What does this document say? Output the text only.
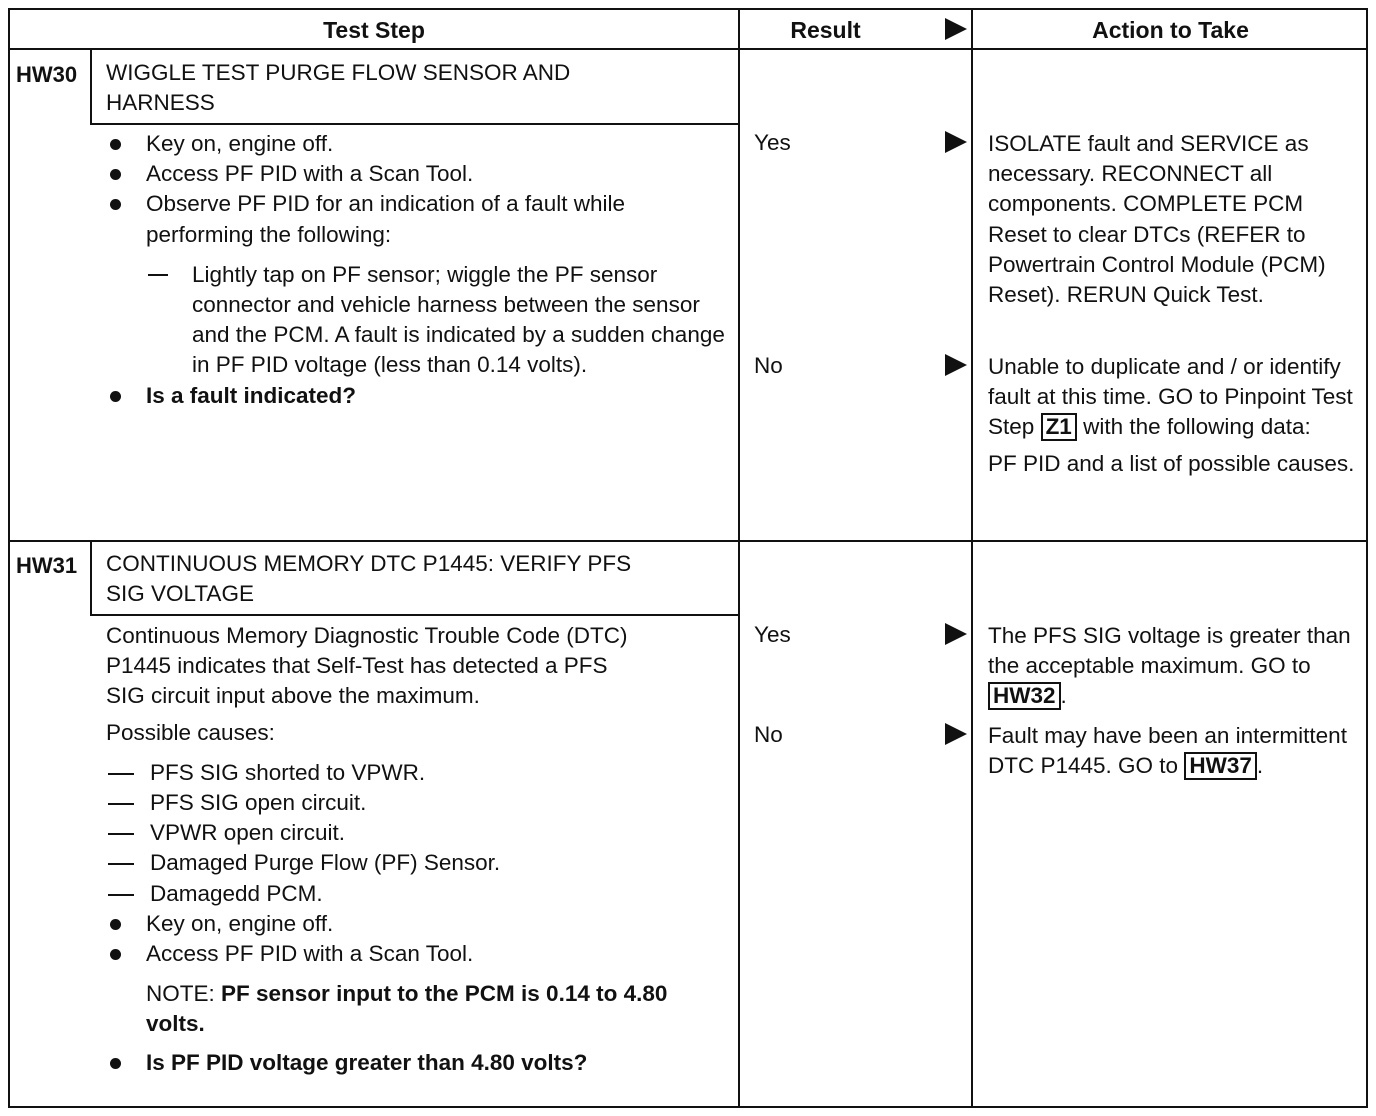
Test Step	Result	Action to Take
HW30 WIGGLE TEST PURGE FLOW SENSOR AND HARNESS
Key on, engine off.
Access PF PID with a Scan Tool.
Observe PF PID for an indication of a fault while performing the following:
Lightly tap on PF sensor; wiggle the PF sensor connector and vehicle harness between the sensor and the PCM. A fault is indicated by a sudden change in PF PID voltage (less than 0.14 volts).
Is a fault indicated?
Yes	ISOLATE fault and SERVICE as necessary. RECONNECT all components. COMPLETE PCM Reset to clear DTCs (REFER to Powertrain Control Module (PCM) Reset). RERUN Quick Test.
No	Unable to duplicate and / or identify fault at this time. GO to Pinpoint Test Step Z1 with the following data:

PF PID and a list of possible causes.

HW31 CONTINUOUS MEMORY DTC P1445: VERIFY PFS SIG VOLTAGE

Continuous Memory Diagnostic Trouble Code (DTC) P1445 indicates that Self-Test has detected a PFS SIG circuit input above the maximum.

Possible causes:

PFS SIG shorted to VPWR.
PFS SIG open circuit.
VPWR open circuit.
Damaged Purge Flow (PF) Sensor.
Damagedd PCM.
Key on, engine off.
Access PF PID with a Scan Tool.

NOTE: PF sensor input to the PCM is 0.14 to 4.80 volts.

Is PF PID voltage greater than 4.80 volts?
Yes	The PFS SIG voltage is greater than the acceptable maximum. GO to HW32 .
No	Fault may have been an intermittent DTC P1445. GO to HW37 .
